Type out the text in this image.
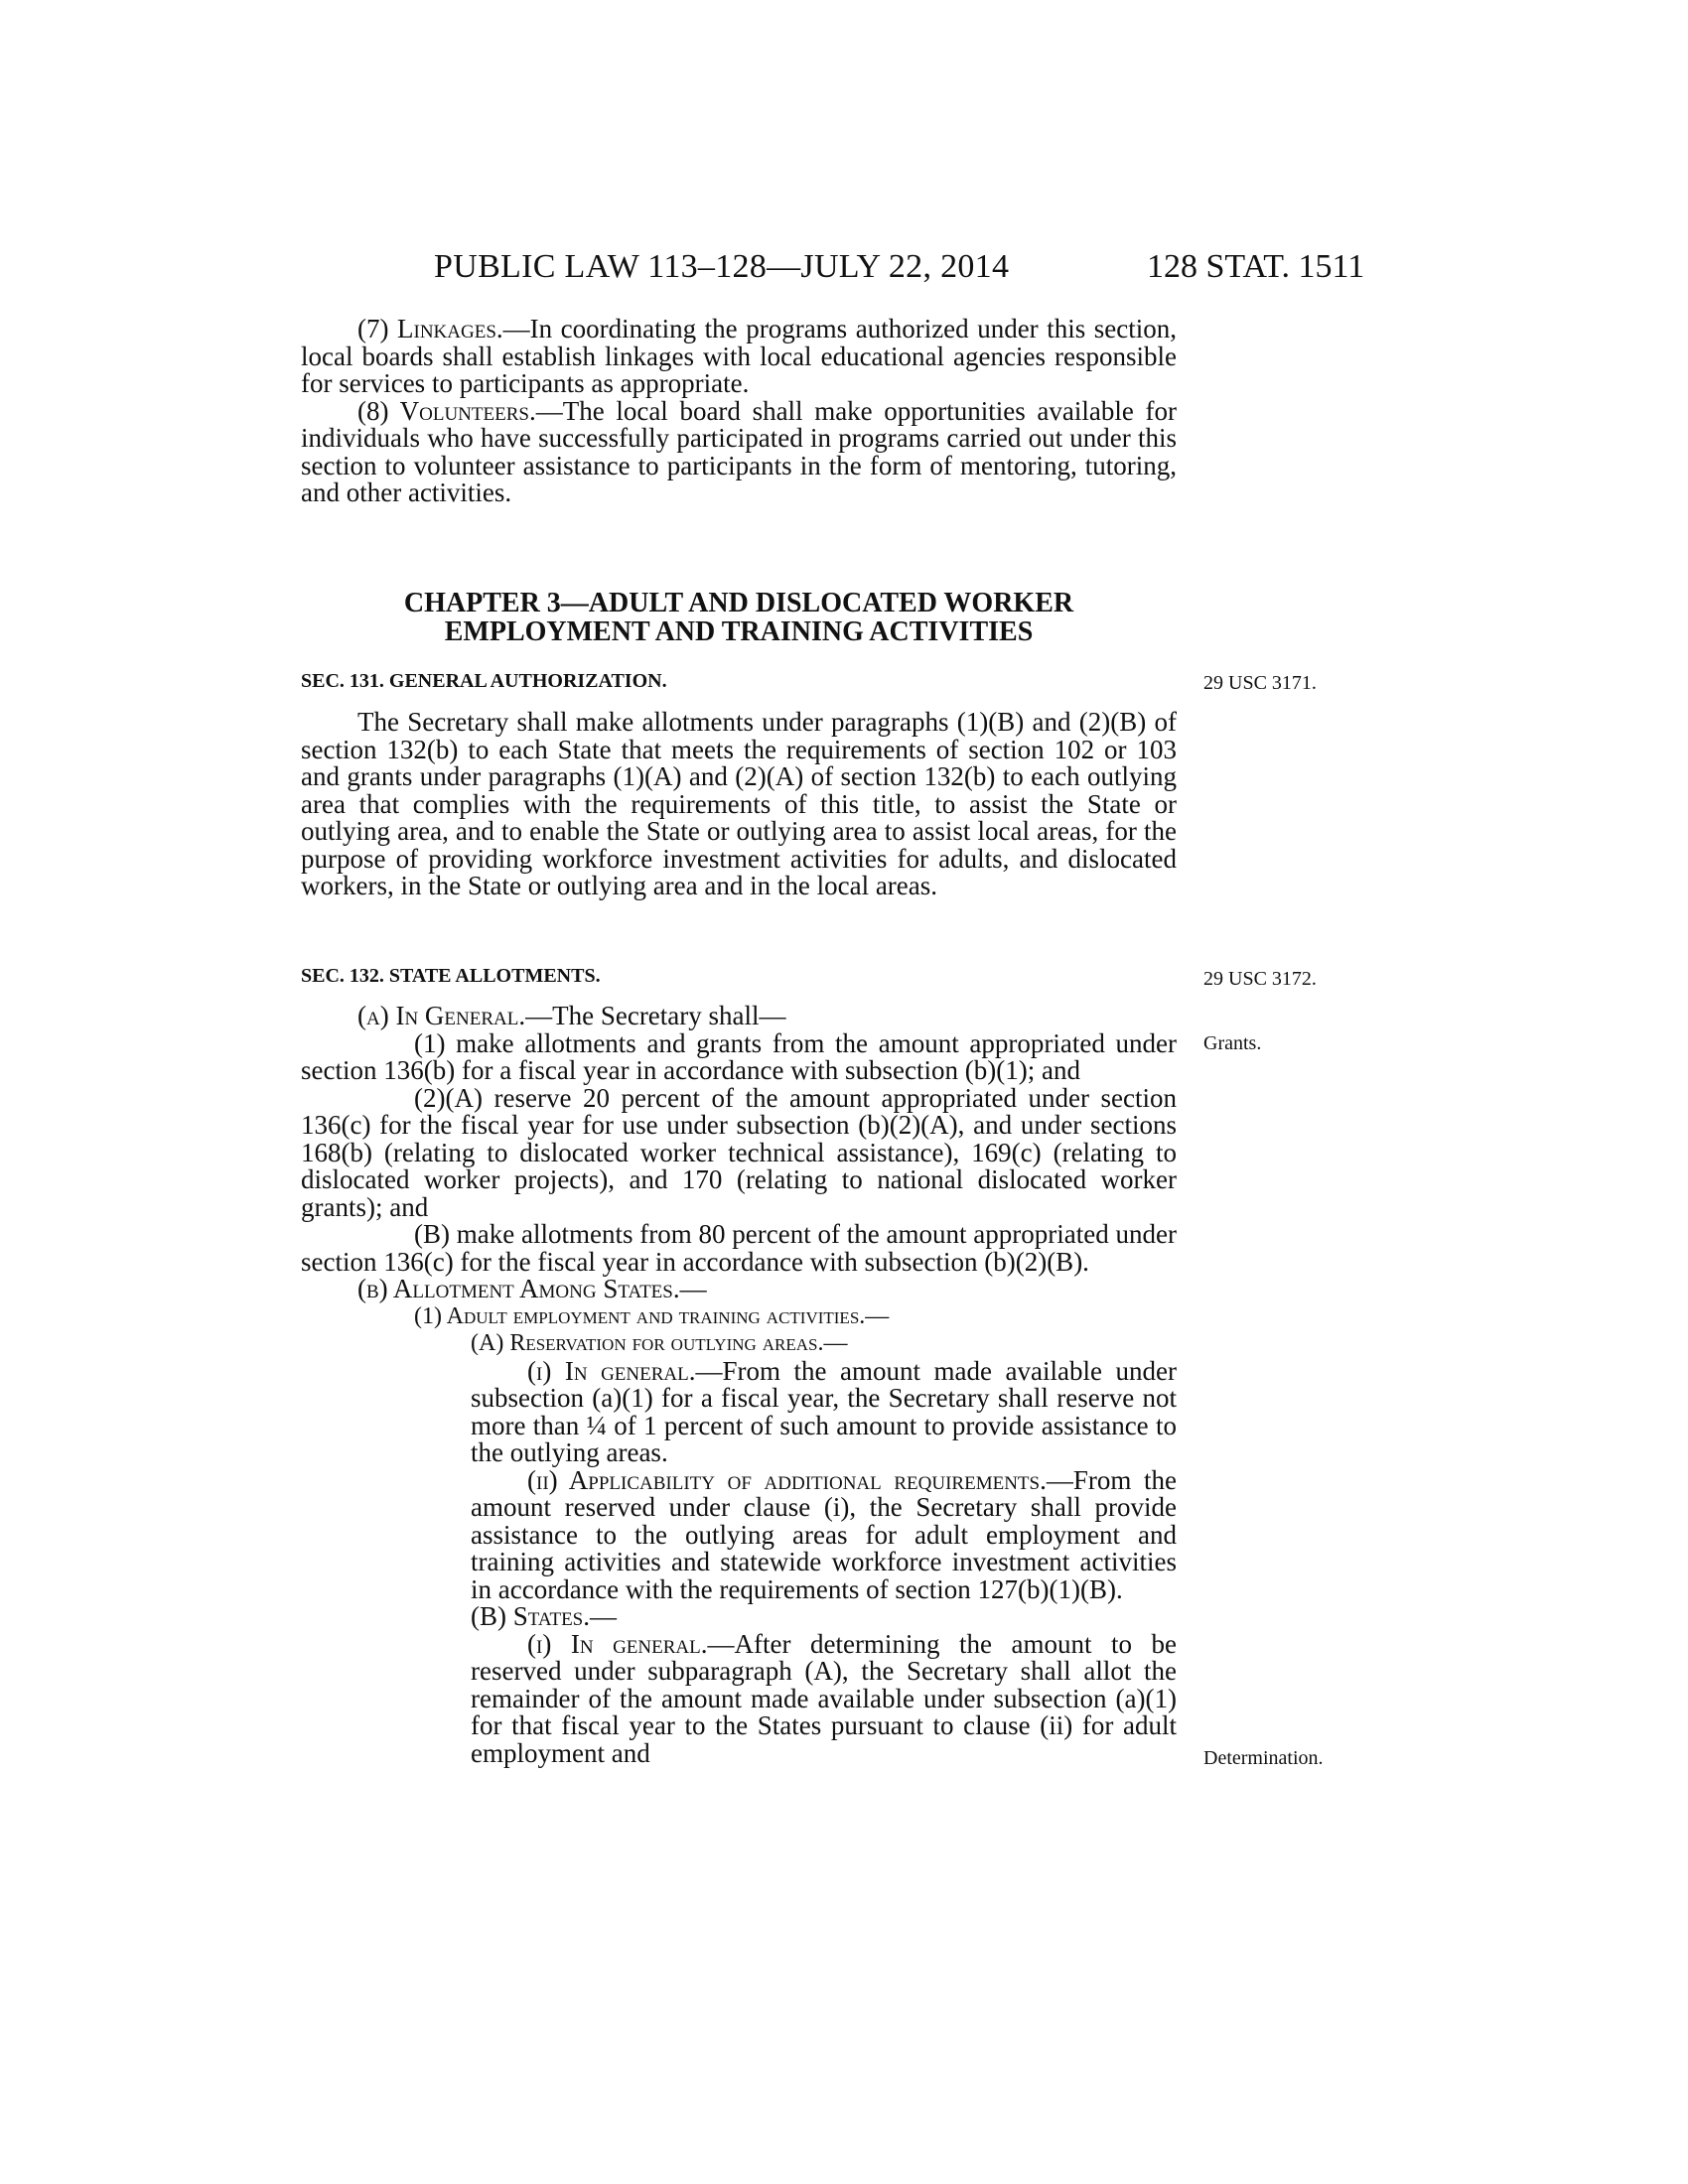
PUBLIC LAW 113–128—JULY 22, 2014	128 STAT. 1511

(7) Linkages.—In coordinating the programs authorized under this section, local boards shall establish linkages with local educational agencies responsible for services to participants as appropriate.

(8) Volunteers.—The local board shall make opportunities available for individuals who have successfully participated in programs carried out under this section to volunteer assistance to participants in the form of mentoring, tutoring, and other activities.

CHAPTER 3—ADULT AND DISLOCATED WORKER
EMPLOYMENT AND TRAINING ACTIVITIES
SEC. 131. GENERAL AUTHORIZATION.	29 USC 3171.

The Secretary shall make allotments under paragraphs (1)(B) and (2)(B) of section 132(b) to each State that meets the requirements of section 102 or 103 and grants under paragraphs (1)(A) and (2)(A) of section 132(b) to each outlying area that complies with the requirements of this title, to assist the State or outlying area, and to enable the State or outlying area to assist local areas, for the purpose of providing workforce investment activities for adults, and dislocated workers, in the State or outlying area and in the local areas.

SEC. 132. STATE ALLOTMENTS.	29 USC 3172.
Grants.
Determination.

(a) In General.—The Secretary shall—

(1) make allotments and grants from the amount appropriated under section 136(b) for a fiscal year in accordance with subsection (b)(1); and

(2)(A) reserve 20 percent of the amount appropriated under section 136(c) for the fiscal year for use under subsection (b)(2)(A), and under sections 168(b) (relating to dislocated worker technical assistance), 169(c) (relating to dislocated worker projects), and 170 (relating to national dislocated worker grants); and

(B) make allotments from 80 percent of the amount appropriated under section 136(c) for the fiscal year in accordance with subsection (b)(2)(B).

(b) Allotment Among States.—

(1) Adult employment and training activities.—

(A) Reservation for outlying areas.—

(i) In general.—From the amount made available under subsection (a)(1) for a fiscal year, the Secretary shall reserve not more than ¼ of 1 percent of such amount to provide assistance to the outlying areas.

(ii) Applicability of additional requirements.—From the amount reserved under clause (i), the Secretary shall provide assistance to the outlying areas for adult employment and training activities and statewide workforce investment activities in accordance with the requirements of section 127(b)(1)(B).

(B) States.—

(i) In general.—After determining the amount to be reserved under subparagraph (A), the Secretary shall allot the remainder of the amount made available under subsection (a)(1) for that fiscal year to the States pursuant to clause (ii) for adult employment and
